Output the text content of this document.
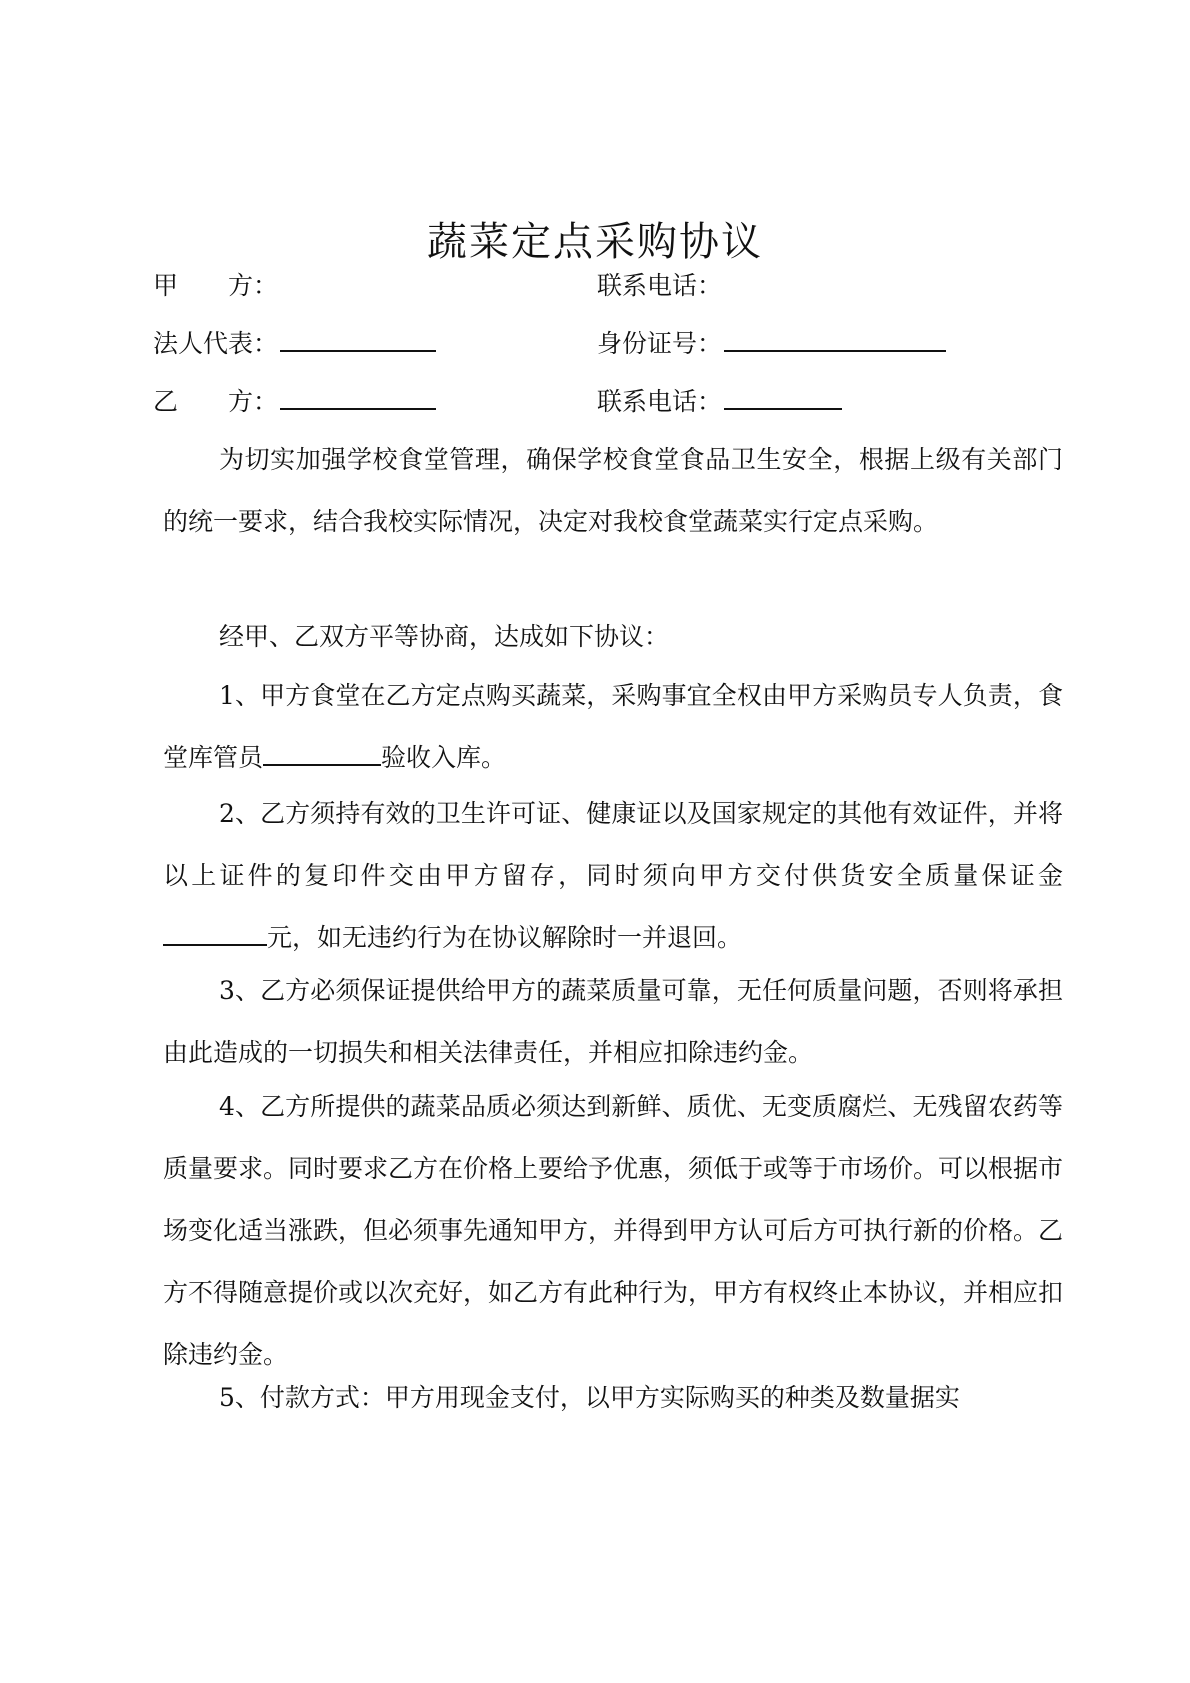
蔬菜定点采购协议
甲　　方：	联系电话：
法人代表：	身份证号：
乙　　方：	联系电话：

为切实加强学校食堂管理，确保学校食堂食品卫生安全，根据上级有关部门的统一要求，结合我校实际情况，决定对我校食堂蔬菜实行定点采购。

经甲、乙双方平等协商，达成如下协议：

1、甲方食堂在乙方定点购买蔬菜，采购事宜全权由甲方采购员专人负责，食堂库管员	验收入库。

2、乙方须持有效的卫生许可证、健康证以及国家规定的其他有效证件，并将以上证件的复印件交由甲方留存，同时须向甲方交付供货安全质量保证金元，如无违约行为在协议解除时一并退回。

3、乙方必须保证提供给甲方的蔬菜质量可靠，无任何质量问题，否则将承担由此造成的一切损失和相关法律责任，并相应扣除违约金。

4、乙方所提供的蔬菜品质必须达到新鲜、质优、无变质腐烂、无残留农药等质量要求。同时要求乙方在价格上要给予优惠，须低于或等于市场价。可以根据市场变化适当涨跌，但必须事先通知甲方，并得到甲方认可后方可执行新的价格。乙方不得随意提价或以次充好，如乙方有此种行为，甲方有权终止本协议，并相应扣除违约金。

5、付款方式：甲方用现金支付，以甲方实际购买的种类及数量据实
